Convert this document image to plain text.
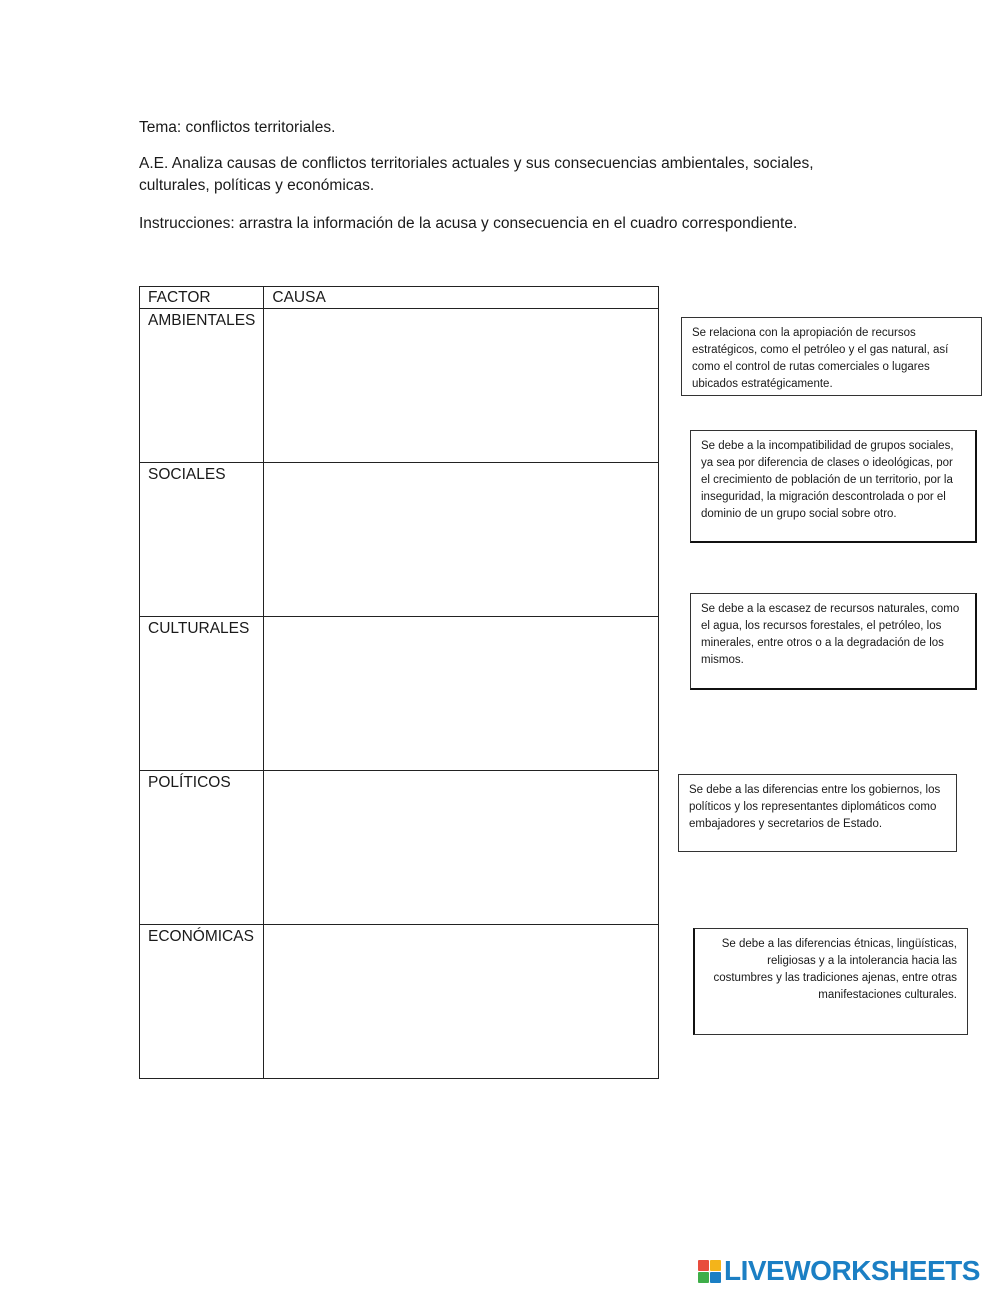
Tema: conflictos territoriales.
A.E. Analiza causas de conflictos territoriales actuales y sus consecuencias ambientales, sociales, culturales, políticas y económicas.
Instrucciones: arrastra la información de la acusa y consecuencia en el cuadro correspondiente.
FACTOR	CAUSA
AMBIENTALES	
SOCIALES	
CULTURALES	
POLÍTICOS	
ECONÓMICAS	
Se relaciona con la apropiación de recursos estratégicos, como el petróleo y el gas natural, así como el control de rutas comerciales o lugares ubicados estratégicamente.
Se debe a la incompatibilidad de grupos sociales, ya sea por diferencia de clases o ideológicas, por el crecimiento de población de un territorio, por la inseguridad, la migración descontrolada o por el dominio de un grupo social sobre otro.
Se debe a la escasez de recursos naturales, como el agua, los recursos forestales, el petróleo, los minerales, entre otros o a la degradación de los mismos.
Se debe a las diferencias entre los gobiernos, los políticos y los representantes diplomáticos como embajadores y secretarios de Estado.
Se debe a las diferencias étnicas, lingüísticas, religiosas y a la intolerancia hacia las costumbres y las tradiciones ajenas, entre otras manifestaciones culturales.
LIVEWORKSHEETS
